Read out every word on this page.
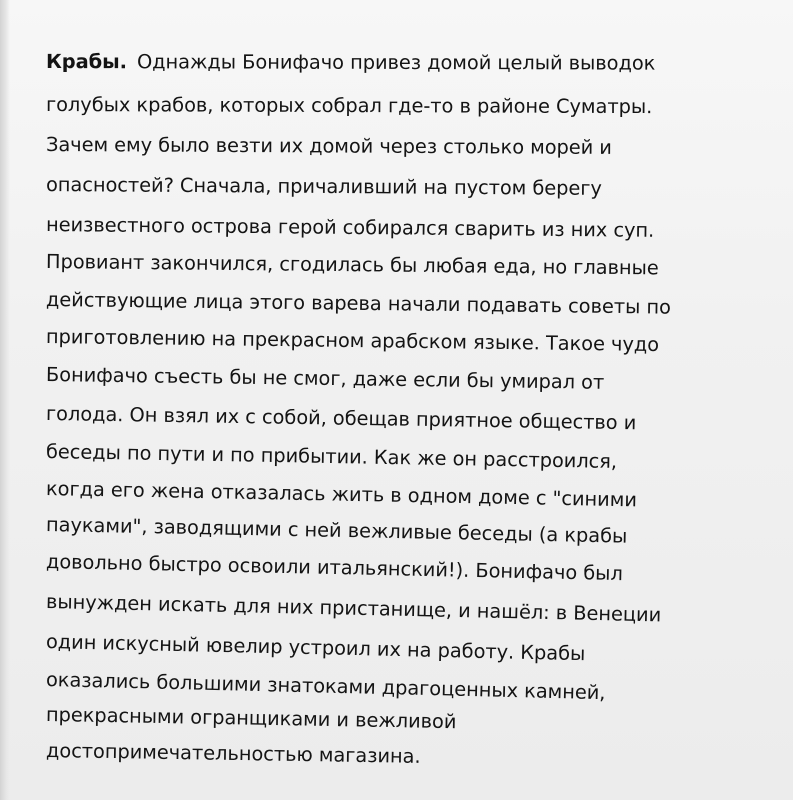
Крабы. Однажды Бонифачо привез домой целый выводок
голубых крабов, которых собрал где-то в районе Суматры.
Зачем ему было везти их домой через столько морей и
опасностей? Сначала, причаливший на пустом берегу
неизвестного острова герой собирался сварить из них суп.
Провиант закончился, сгодилась бы любая еда, но главные
действующие лица этого варева начали подавать советы по
приготовлению на прекрасном арабском языке. Такое чудо
Бонифачо съесть бы не смог, даже если бы умирал от
голода. Он взял их с собой, обещав приятное общество и
беседы по пути и по прибытии. Как же он расстроился,
когда его жена отказалась жить в одном доме с "синими
пауками", заводящими с ней вежливые беседы (а крабы
довольно быстро освоили итальянский!). Бонифачо был
вынужден искать для них пристанище, и нашёл: в Венеции
один искусный ювелир устроил их на работу. Крабы
оказались большими знатоками драгоценных камней,
прекрасными огранщиками и вежливой
достопримечательностью магазина.
